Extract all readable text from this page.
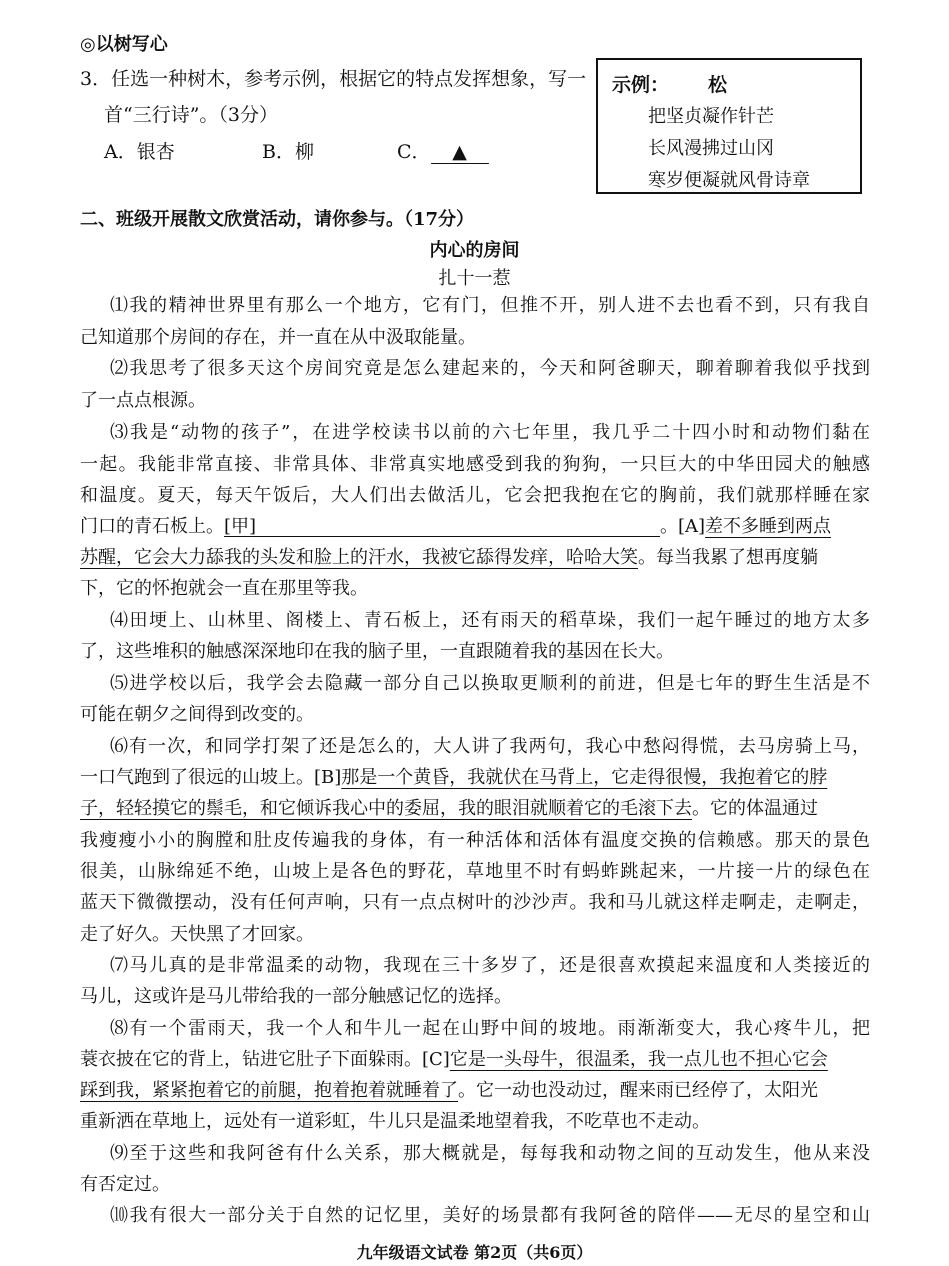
◎以树写心
3．任选一种树木，参考示例，根据它的特点发挥想象，写一
首“三行诗”。（3分）
A．银杏	B．柳	C． ▲
示例： 松
把坚贞凝作针芒
长风漫拂过山冈
寒岁便凝就风骨诗章
二、班级开展散文欣赏活动，请你参与。（17分）
内心的房间
扎十一惹
⑴我的精神世界里有那么一个地方，它有门，但推不开，别人进不去也看不到，只有我自
己知道那个房间的存在，并一直在从中汲取能量。
⑵我思考了很多天这个房间究竟是怎么建起来的，今天和阿爸聊天，聊着聊着我似乎找到
了一点点根源。
⑶我是“动物的孩子”，在进学校读书以前的六七年里，我几乎二十四小时和动物们黏在
一起。我能非常直接、非常具体、非常真实地感受到我的狗狗，一只巨大的中华田园犬的触感
和温度。夏天，每天午饭后，大人们出去做活儿，它会把我抱在它的胸前，我们就那样睡在家
门口的青石板上。[甲]	。[A]差不多睡到两点
苏醒，它会大力舔我的头发和脸上的汗水，我被它舔得发痒，哈哈大笑。每当我累了想再度躺
下，它的怀抱就会一直在那里等我。
⑷田埂上、山林里、阁楼上、青石板上，还有雨天的稻草垛，我们一起午睡过的地方太多
了，这些堆积的触感深深地印在我的脑子里，一直跟随着我的基因在长大。
⑸进学校以后，我学会去隐藏一部分自己以换取更顺利的前进，但是七年的野生生活是不
可能在朝夕之间得到改变的。
⑹有一次，和同学打架了还是怎么的，大人讲了我两句，我心中愁闷得慌，去马房骑上马，
一口气跑到了很远的山坡上。[B]那是一个黄昏，我就伏在马背上，它走得很慢，我抱着它的脖
子，轻轻摸它的鬃毛，和它倾诉我心中的委屈，我的眼泪就顺着它的毛滚下去。它的体温通过
我瘦瘦小小的胸膛和肚皮传遍我的身体，有一种活体和活体有温度交换的信赖感。那天的景色
很美，山脉绵延不绝，山坡上是各色的野花，草地里不时有蚂蚱跳起来，一片接一片的绿色在
蓝天下微微摆动，没有任何声响，只有一点点树叶的沙沙声。我和马儿就这样走啊走，走啊走，
走了好久。天快黑了才回家。
⑺马儿真的是非常温柔的动物，我现在三十多岁了，还是很喜欢摸起来温度和人类接近的
马儿，这或许是马儿带给我的一部分触感记忆的选择。
⑻有一个雷雨天，我一个人和牛儿一起在山野中间的坡地。雨渐渐变大，我心疼牛儿，把
蓑衣披在它的背上，钻进它肚子下面躲雨。[C]它是一头母牛，很温柔，我一点儿也不担心它会
踩到我，紧紧抱着它的前腿，抱着抱着就睡着了。它一动也没动过，醒来雨已经停了，太阳光
重新洒在草地上，远处有一道彩虹，牛儿只是温柔地望着我，不吃草也不走动。
⑼至于这些和我阿爸有什么关系，那大概就是，每每我和动物之间的互动发生，他从来没
有否定过。
九年级语文试卷 第2页（共6页）
⑽我有很大一部分关于自然的记忆里，美好的场景都有我阿爸的陪伴——无尽的星空和山
